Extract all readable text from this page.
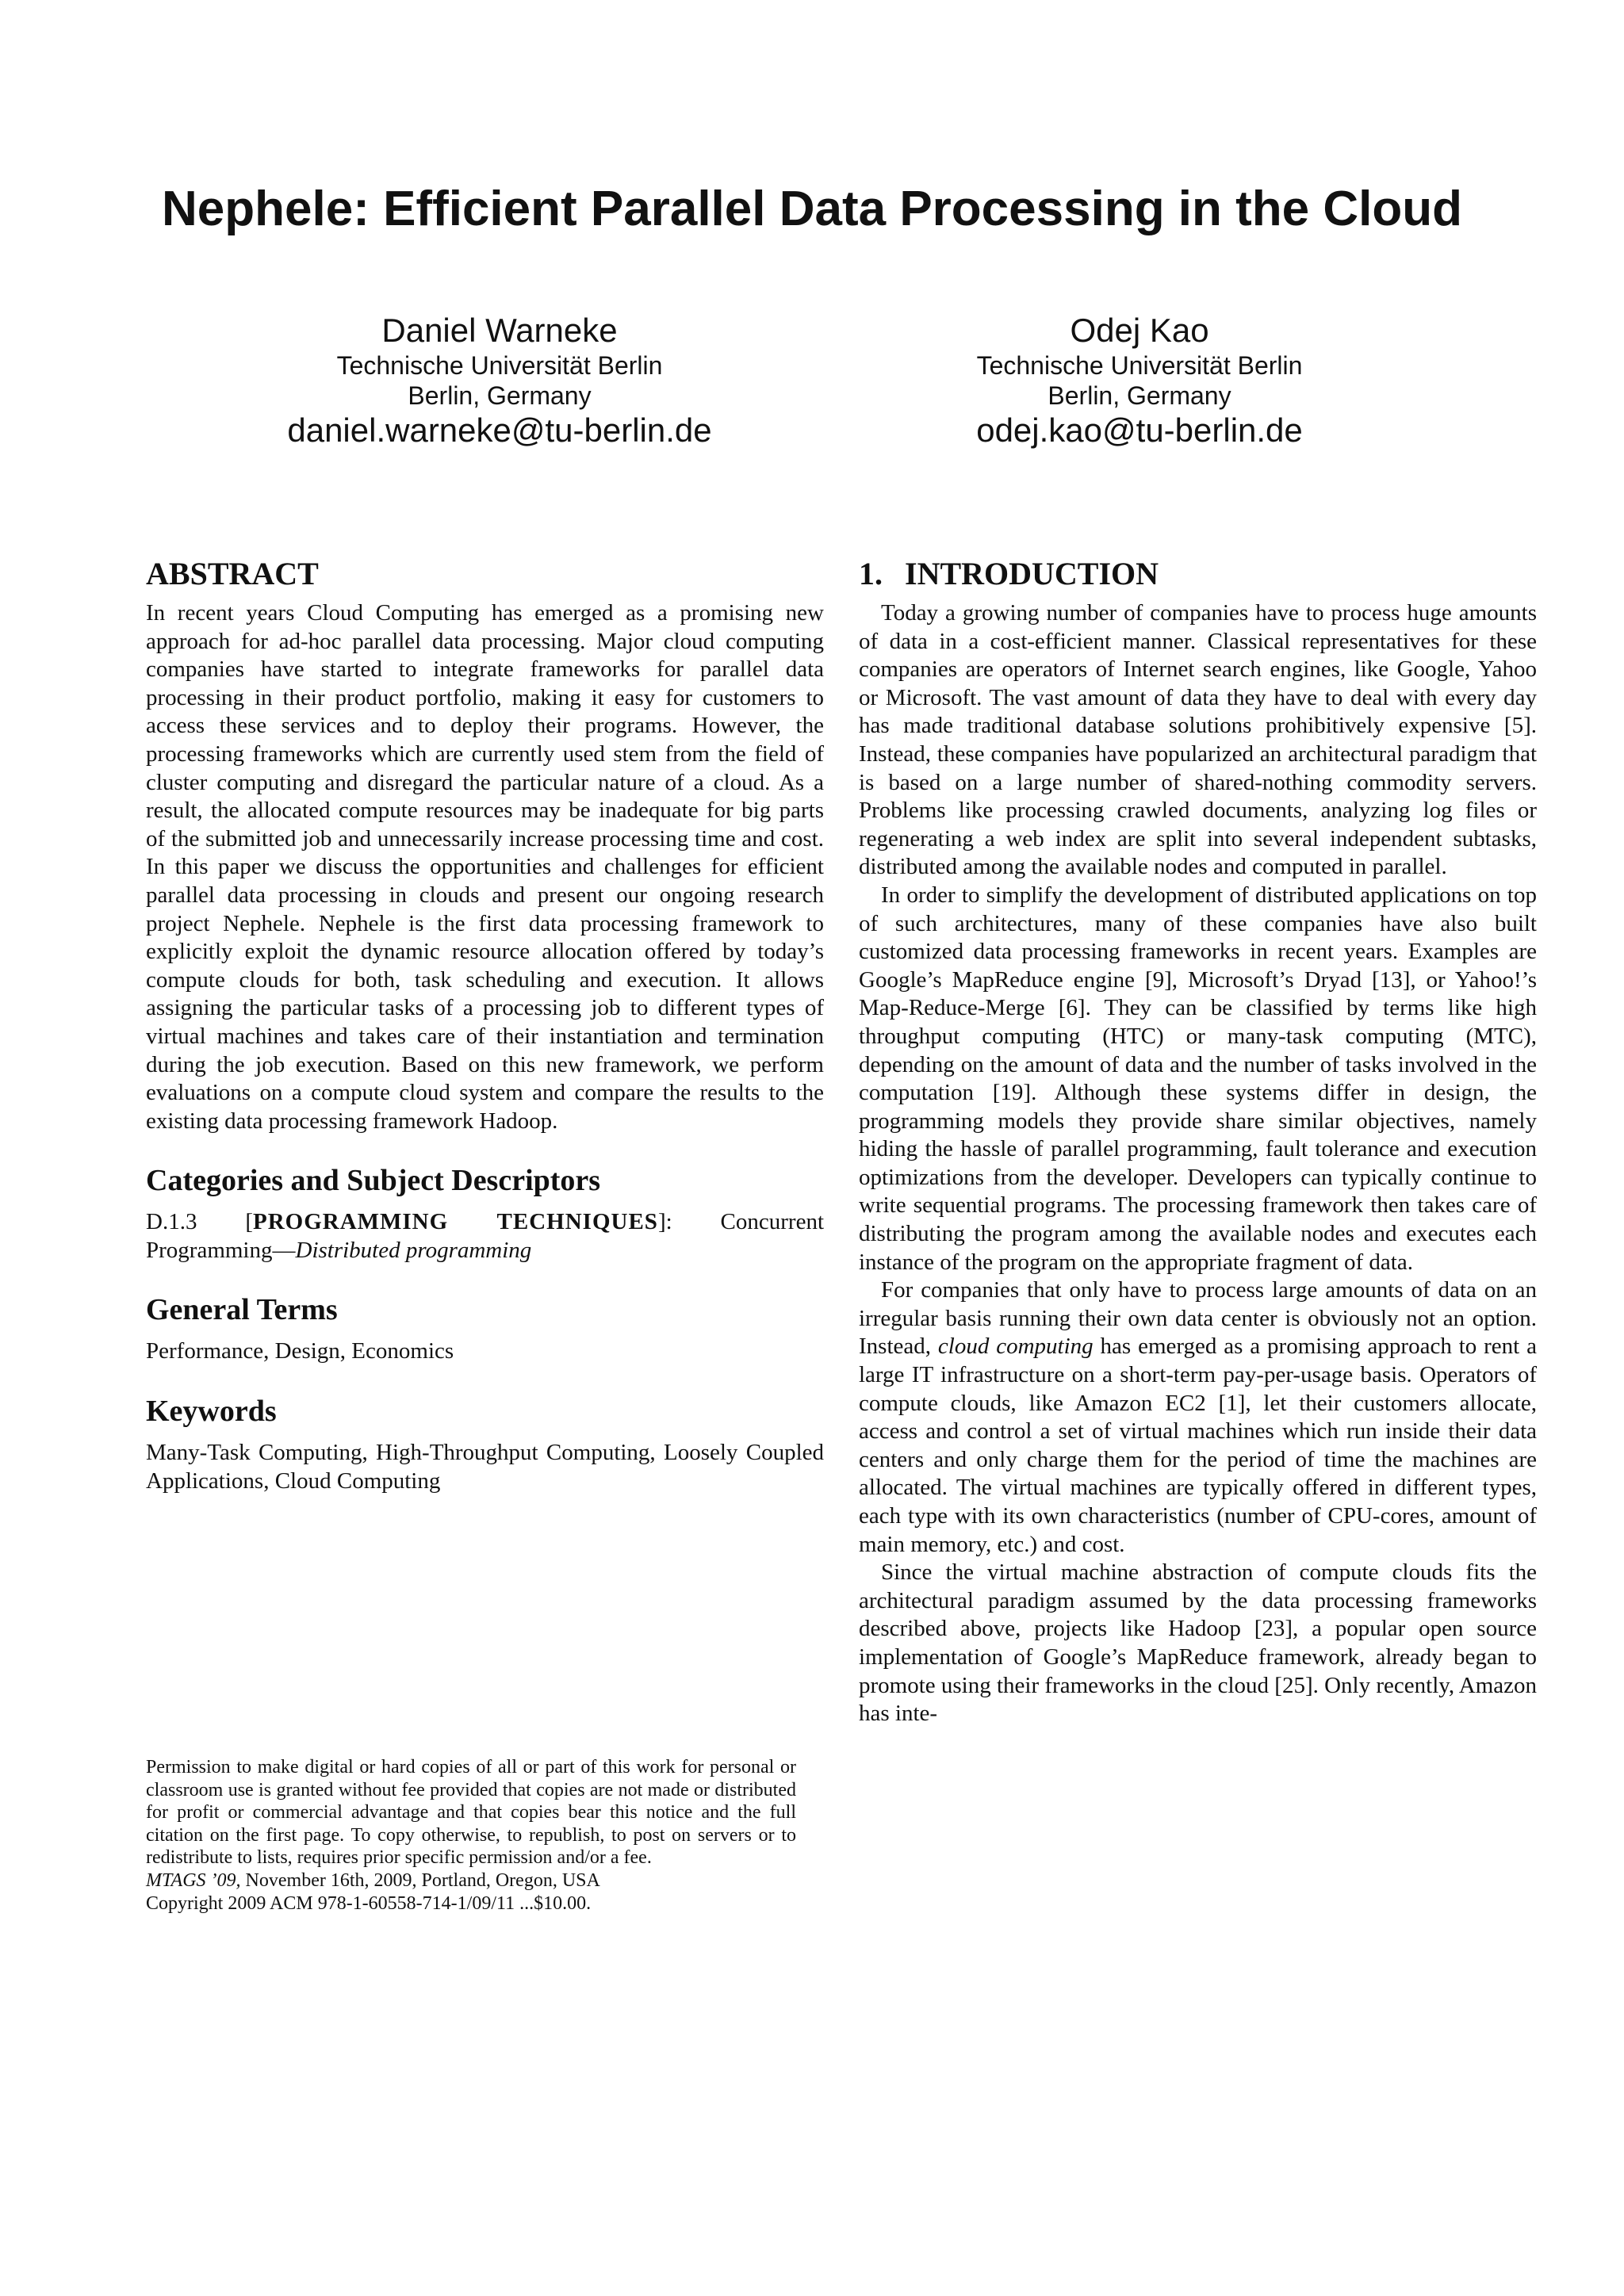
Nephele: Efficient Parallel Data Processing in the Cloud
Daniel Warneke
Technische Universität Berlin
Berlin, Germany
daniel.warneke@tu-berlin.de
Odej Kao
Technische Universität Berlin
Berlin, Germany
odej.kao@tu-berlin.de
ABSTRACT

In recent years Cloud Computing has emerged as a promising new approach for ad-hoc parallel data processing. Major cloud computing companies have started to integrate frameworks for parallel data processing in their product portfolio, making it easy for customers to access these services and to deploy their programs. However, the processing frameworks which are currently used stem from the field of cluster computing and disregard the particular nature of a cloud. As a result, the allocated compute resources may be inadequate for big parts of the submitted job and unnecessarily increase processing time and cost. In this paper we discuss the opportunities and challenges for efficient parallel data processing in clouds and present our ongoing research project Nephele. Nephele is the first data processing framework to explicitly exploit the dynamic resource allocation offered by today’s compute clouds for both, task scheduling and execution. It allows assigning the particular tasks of a processing job to different types of virtual machines and takes care of their instantiation and termination during the job execution. Based on this new framework, we perform evaluations on a compute cloud system and compare the results to the existing data processing framework Hadoop.

Categories and Subject Descriptors

D.1.3 [PROGRAMMING TECHNIQUES]: Concurrent Programming—Distributed programming

General Terms

Performance, Design, Economics

Keywords

Many-Task Computing, High-Throughput Computing, Loosely Coupled Applications, Cloud Computing

Permission to make digital or hard copies of all or part of this work for personal or classroom use is granted without fee provided that copies are not made or distributed for profit or commercial advantage and that copies bear this notice and the full citation on the first page. To copy otherwise, to republish, to post on servers or to redistribute to lists, requires prior specific permission and/or a fee.
MTAGS ’09, November 16th, 2009, Portland, Oregon, USA
Copyright 2009 ACM 978-1-60558-714-1/09/11 ...$10.00.
1. INTRODUCTION

Today a growing number of companies have to process huge amounts of data in a cost-efficient manner. Classical representatives for these companies are operators of Internet search engines, like Google, Yahoo or Microsoft. The vast amount of data they have to deal with every day has made traditional database solutions prohibitively expensive [5]. Instead, these companies have popularized an architectural paradigm that is based on a large number of shared-nothing commodity servers. Problems like processing crawled documents, analyzing log files or regenerating a web index are split into several independent subtasks, distributed among the available nodes and computed in parallel.

In order to simplify the development of distributed applications on top of such architectures, many of these companies have also built customized data processing frameworks in recent years. Examples are Google’s MapReduce engine [9], Microsoft’s Dryad [13], or Yahoo!’s Map-Reduce-Merge [6]. They can be classified by terms like high throughput computing (HTC) or many-task computing (MTC), depending on the amount of data and the number of tasks involved in the computation [19]. Although these systems differ in design, the programming models they provide share similar objectives, namely hiding the hassle of parallel programming, fault tolerance and execution optimizations from the developer. Developers can typically continue to write sequential programs. The processing framework then takes care of distributing the program among the available nodes and executes each instance of the program on the appropriate fragment of data.

For companies that only have to process large amounts of data on an irregular basis running their own data center is obviously not an option. Instead, cloud computing has emerged as a promising approach to rent a large IT infrastructure on a short-term pay-per-usage basis. Operators of compute clouds, like Amazon EC2 [1], let their customers allocate, access and control a set of virtual machines which run inside their data centers and only charge them for the period of time the machines are allocated. The virtual machines are typically offered in different types, each type with its own characteristics (number of CPU-cores, amount of main memory, etc.) and cost.

Since the virtual machine abstraction of compute clouds fits the architectural paradigm assumed by the data processing frameworks described above, projects like Hadoop [23], a popular open source implementation of Google’s MapReduce framework, already began to promote using their frameworks in the cloud [25]. Only recently, Amazon has inte-
